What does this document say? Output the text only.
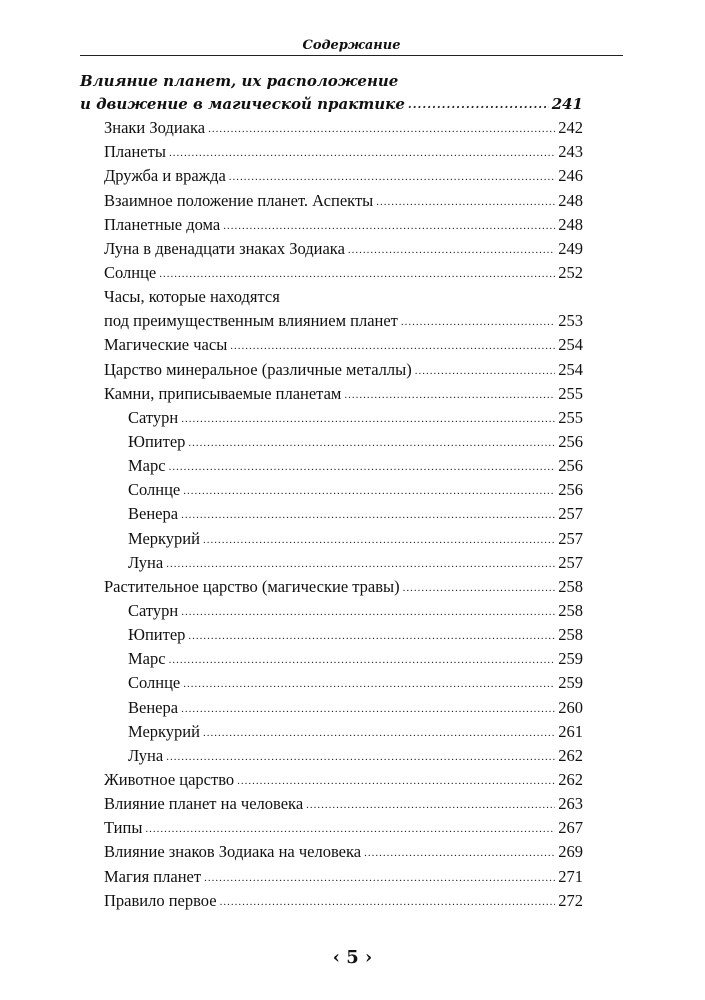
Содержание
Влияние планет, их расположение
и движение в магической практике .....	241
Знаки Зодиака .....	242
Планеты .....	243
Дружба и вражда .....	246
Взаимное положение планет. Аспекты .....	248
Планетные дома .....	248
Луна в двенадцати знаках Зодиака .....	249
Солнце .....	252
Часы, которые находятся
под преимущественным влиянием планет .....	253
Магические часы .....	254
Царство минеральное (различные металлы) .....	254
Камни, приписываемые планетам .....	255
Сатурн .....	255
Юпитер .....	256
Марс .....	256
Солнце .....	256
Венера .....	257
Меркурий .....	257
Луна .....	257
Растительное царство (магические травы) .....	258
Сатурн .....	258
Юпитер .....	258
Марс .....	259
Солнце .....	259
Венера .....	260
Меркурий .....	261
Луна .....	262
Животное царство .....	262
Влияние планет на человека .....	263
Типы .....	267
Влияние знаков Зодиака на человека .....	269
Магия планет .....	271
Правило первое .....	272
‹ 5 ›
